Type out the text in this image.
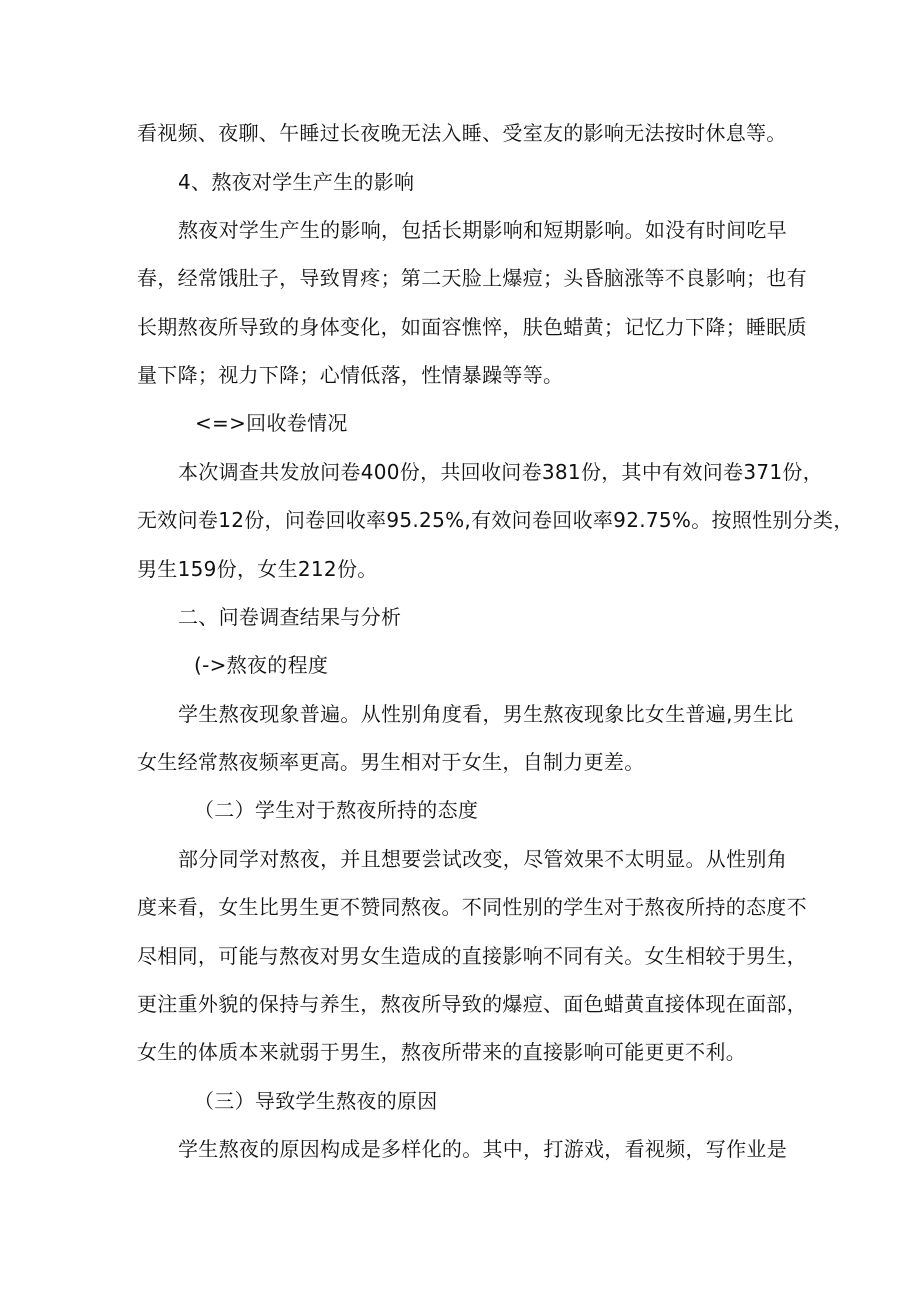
看视频、夜聊、午睡过长夜晚无法入睡、受室友的影响无法按时休息等。
4、熬夜对学生产生的影响
熬夜对学生产生的影响，包括长期影响和短期影响。如没有时间吃早
春，经常饿肚子，导致胃疼；第二天脸上爆痘；头昏脑涨等不良影响；也有
长期熬夜所导致的身体变化，如面容憔悴，肤色蜡黄；记忆力下降；睡眠质
量下降；视力下降；心情低落，性情暴躁等等。
<=>回收卷情况
本次调查共发放问卷400份，共回收问卷381份，其中有效问卷371份，
无效问卷12份，问卷回收率95.25%,有效问卷回收率92.75%。按照性别分类，
男生159份，女生212份。
二、问卷调查结果与分析
(->熬夜的程度
学生熬夜现象普遍。从性别角度看，男生熬夜现象比女生普遍,男生比
女生经常熬夜频率更高。男生相对于女生，自制力更差。
（二）学生对于熬夜所持的态度
部分同学对熬夜，并且想要尝试改变，尽管效果不太明显。从性别角
度来看，女生比男生更不赞同熬夜。不同性别的学生对于熬夜所持的态度不
尽相同，可能与熬夜对男女生造成的直接影响不同有关。女生相较于男生，
更注重外貌的保持与养生，熬夜所导致的爆痘、面色蜡黄直接体现在面部，
女生的体质本来就弱于男生，熬夜所带来的直接影响可能更更不利。
（三）导致学生熬夜的原因
学生熬夜的原因构成是多样化的。其中，打游戏，看视频，写作业是
